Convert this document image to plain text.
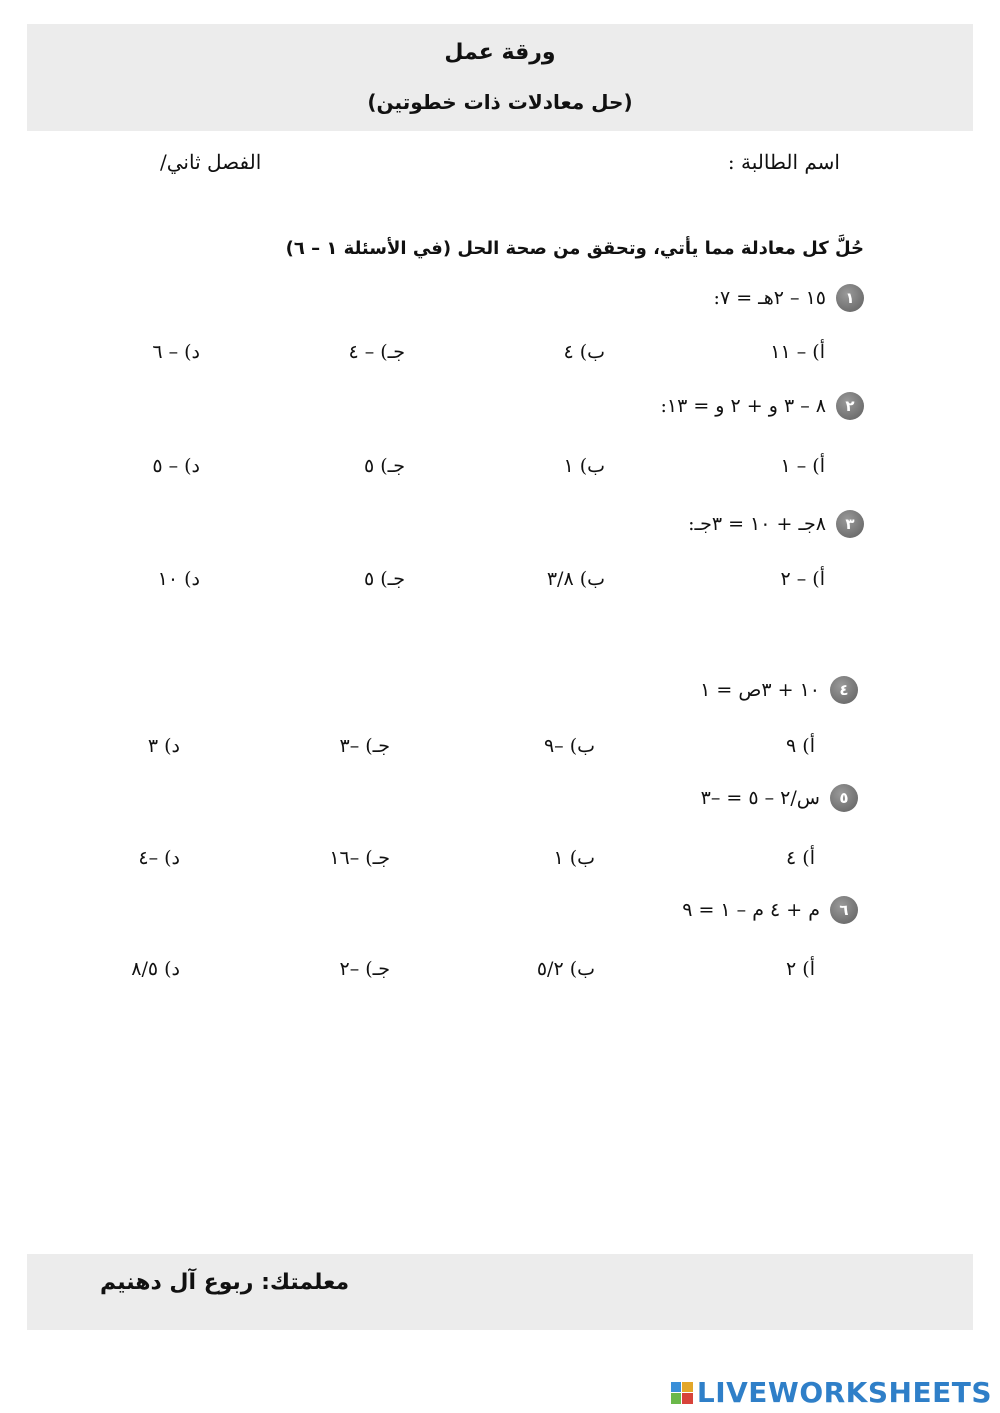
ورقة عمل
(حل معادلات ذات خطوتين)
اسم الطالبة :
الفصل ثاني/
حُلَّ كل معادلة مما يأتي، وتحقق من صحة الحل (في الأسئلة ١ – ٦)
١
١٥ – ٢هـ = ٧:
أ) – ١١
ب) ٤
جـ) – ٤
د) – ٦
٢
٨ – ٣ و + ٢ و = ١٣:
أ) – ١
ب) ١
جـ) ٥
د) – ٥
٣
٨جـ + ١٠ = ٣جـ:
أ) – ٢
ب) ٣/٨
جـ) ٥
د) ١٠
٤
١٠ + ٣ص = ١
أ) ٩
ب) –٩
جـ) –٣
د) ٣
٥
س/٢ – ٥ = –٣
أ) ٤
ب) ١
جـ) –١٦
د) –٤
٦
م + ٤ م – ١ = ٩
أ) ٢
ب) ٥/٢
جـ) –٢
د) ٨/٥
معلمتك: ربوع آل دهنيم
LIVEWORKSHEETS
